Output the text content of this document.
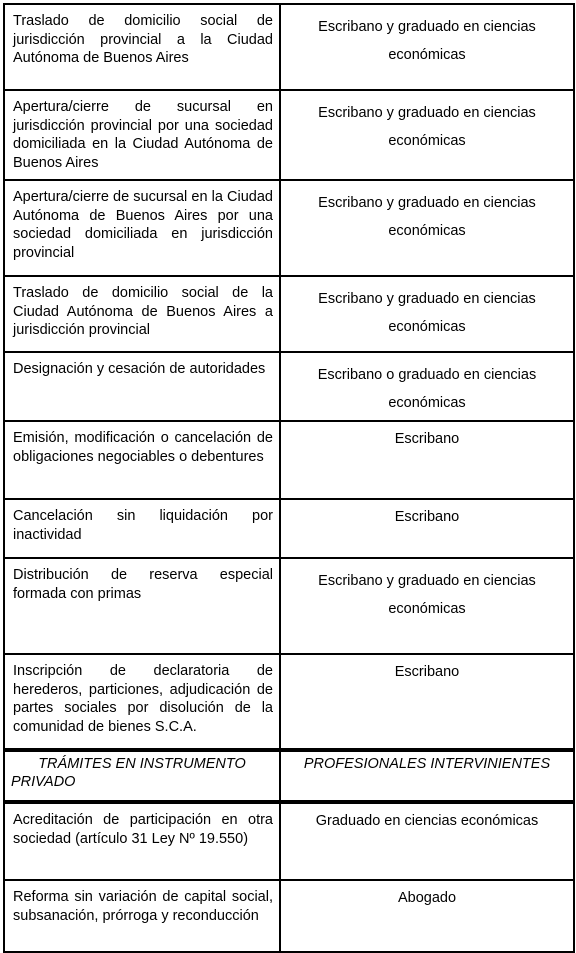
Traslado de domicilio social de jurisdicción provincial a la Ciudad Autónoma de Buenos Aires	Escribano y graduado en ciencias económicas
Apertura/cierre de sucursal en jurisdicción provincial por una sociedad domiciliada en la Ciudad Autónoma de Buenos Aires	Escribano y graduado en ciencias económicas
Apertura/cierre de sucursal en la Ciudad Autónoma de Buenos Aires por una sociedad domiciliada en jurisdicción provincial	Escribano y graduado en ciencias económicas
Traslado de domicilio social de la Ciudad Autónoma de Buenos Aires a jurisdicción provincial	Escribano y graduado en ciencias económicas
Designación y cesación de autoridades	Escribano o graduado en ciencias económicas
Emisión, modificación o cancelación de obligaciones negociables o debentures	Escribano
Cancelación sin liquidación por inactividad	Escribano
Distribución de reserva especial formada con primas	Escribano y graduado en ciencias económicas
Inscripción de declaratoria de herederos, particiones, adjudicación de partes sociales por disolución de la comunidad de bienes S.C.A.	Escribano
TRÁMITES EN INSTRUMENTO PRIVADO	PROFESIONALES INTERVINIENTES
Acreditación de participación en otra sociedad (artículo 31 Ley Nº 19.550)	Graduado en ciencias económicas
Reforma sin variación de capital social, subsanación, prórroga y reconducción	Abogado
